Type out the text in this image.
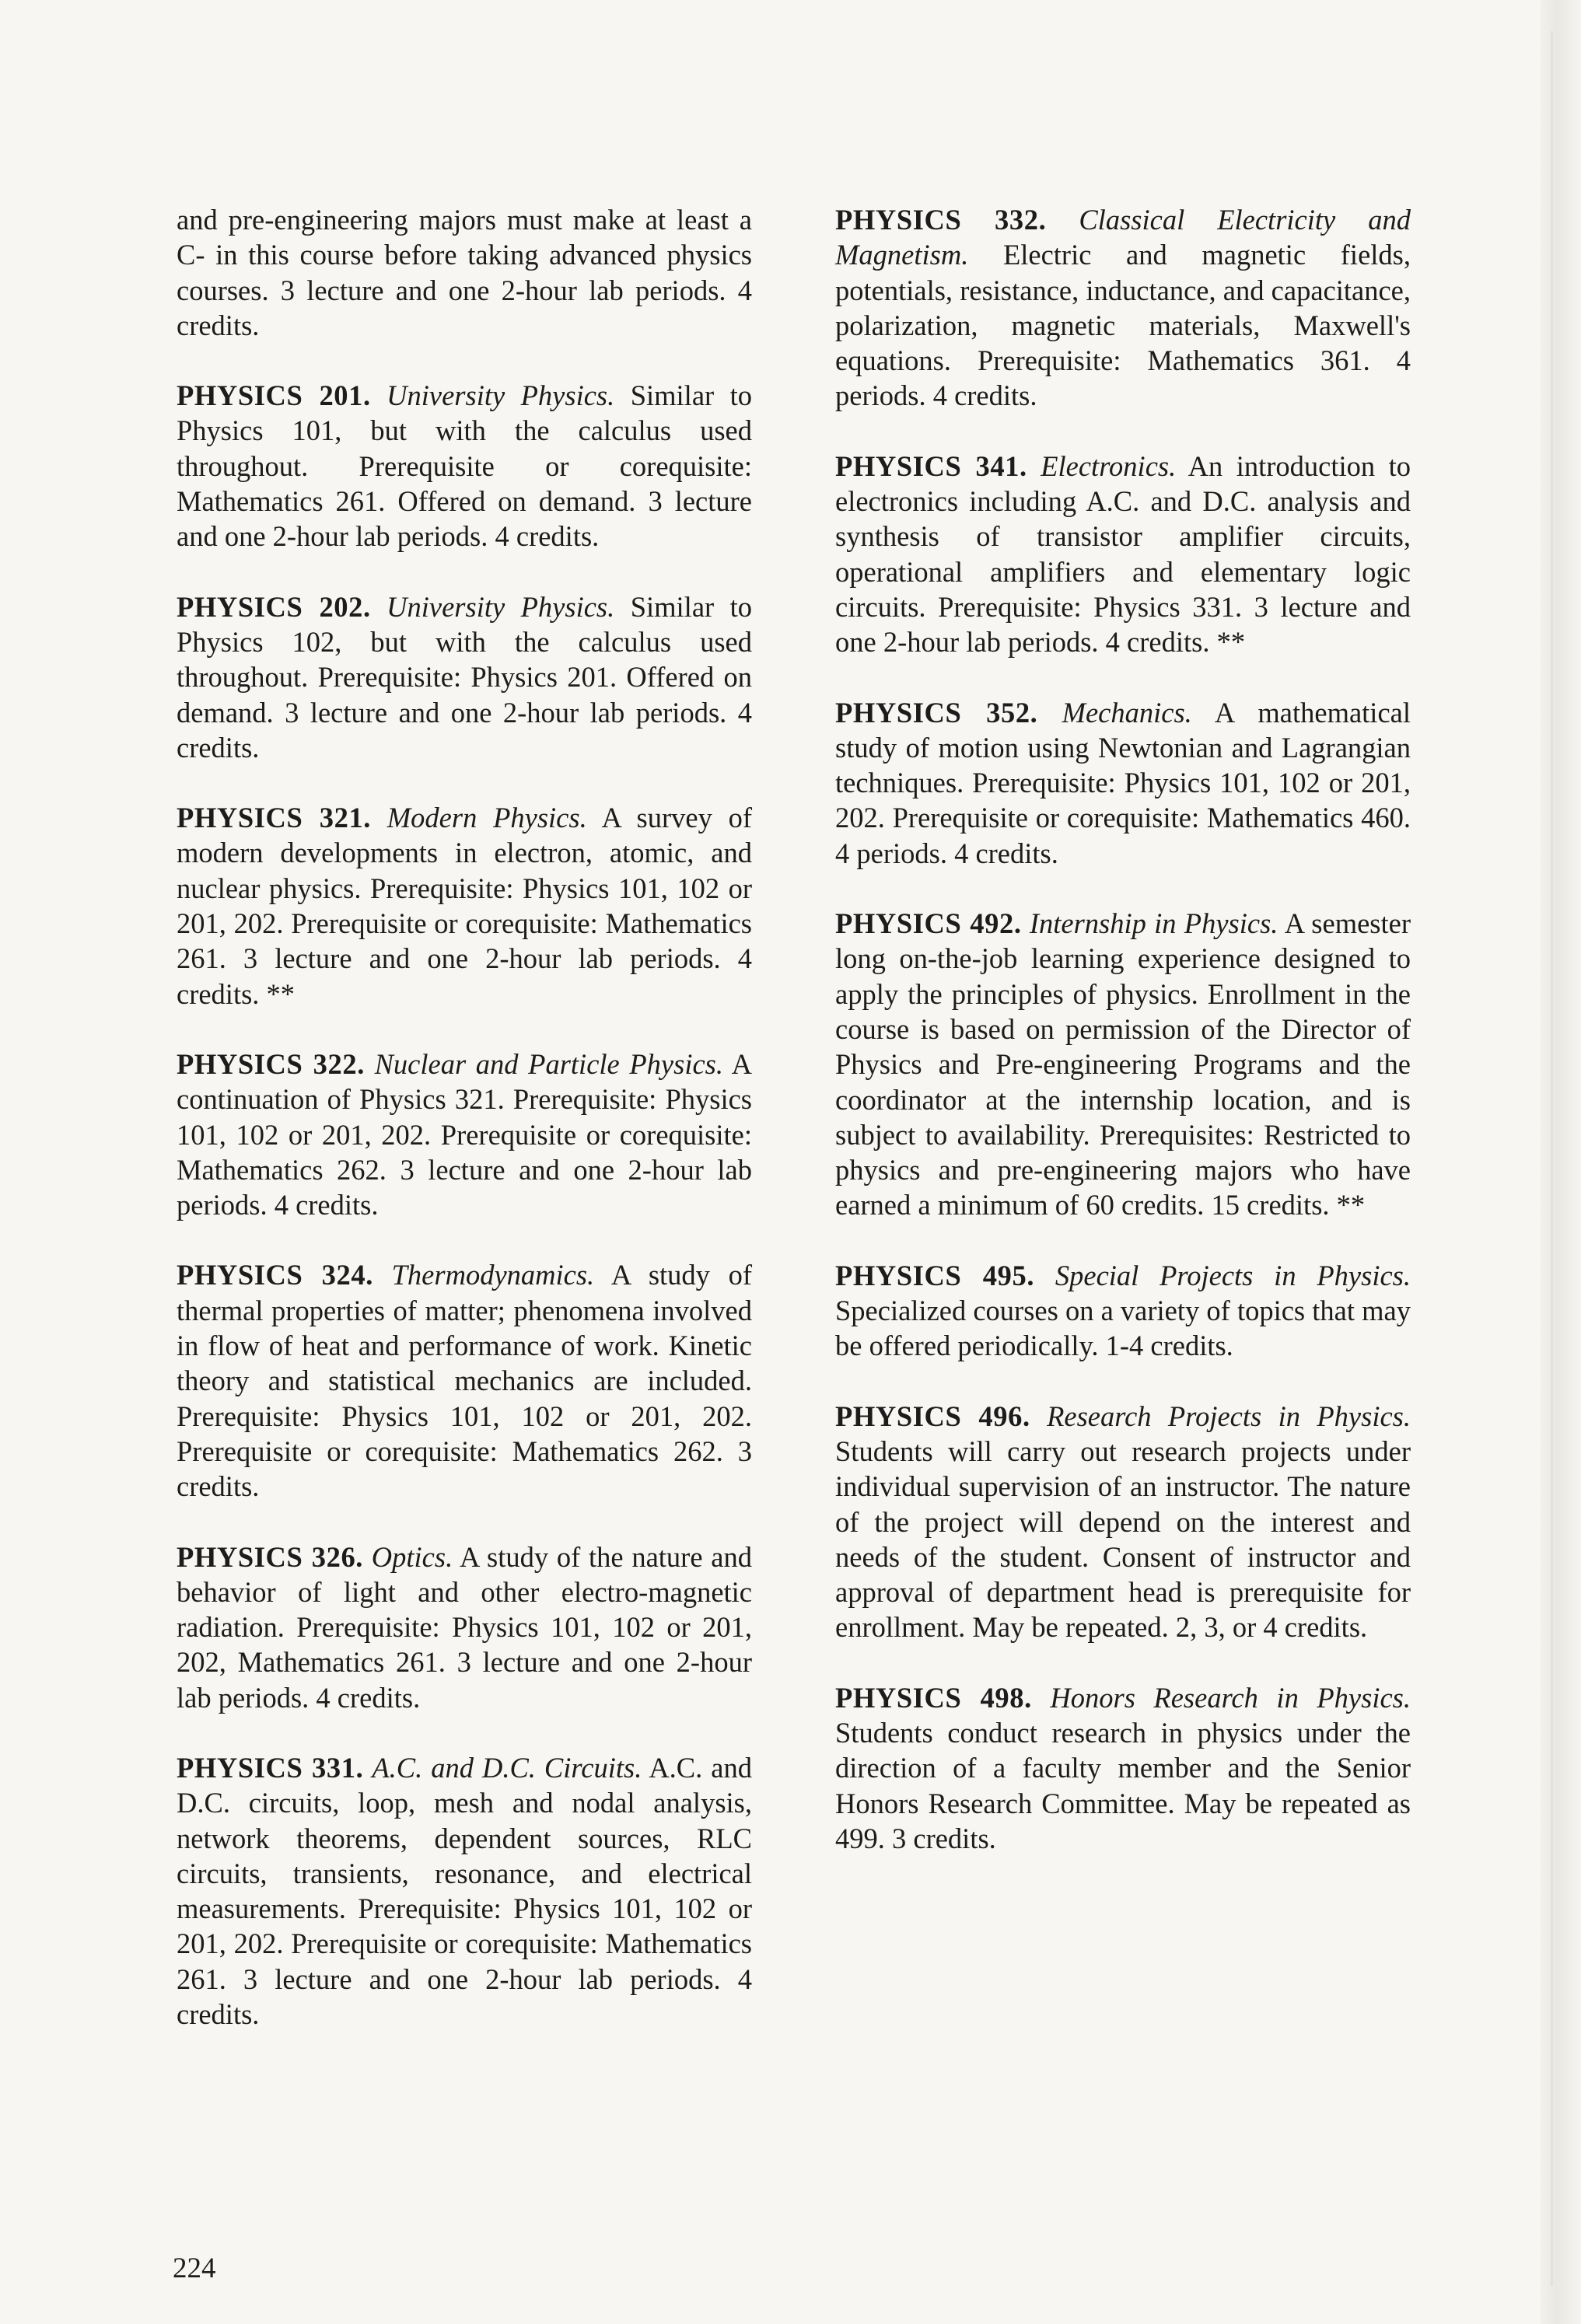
and pre-engineering majors must make at least a C- in this course before taking advanced physics courses. 3 lecture and one 2-hour lab periods. 4 credits.

PHYSICS 201. University Physics. Similar to Physics 101, but with the calculus used throughout. Prerequisite or corequisite: Mathematics 261. Offered on demand. 3 lecture and one 2-hour lab periods. 4 credits.

PHYSICS 202. University Physics. Similar to Physics 102, but with the calculus used throughout. Prerequisite: Physics 201. Offered on demand. 3 lecture and one 2-hour lab periods. 4 credits.

PHYSICS 321. Modern Physics. A survey of modern developments in electron, atomic, and nuclear physics. Prerequisite: Physics 101, 102 or 201, 202. Prerequisite or corequisite: Mathematics 261. 3 lecture and one 2-hour lab periods. 4 credits. **

PHYSICS 322. Nuclear and Particle Physics. A continuation of Physics 321. Prerequisite: Physics 101, 102 or 201, 202. Prerequisite or corequisite: Mathematics 262. 3 lecture and one 2-hour lab periods. 4 credits.

PHYSICS 324. Thermodynamics. A study of thermal properties of matter; phenomena involved in flow of heat and performance of work. Kinetic theory and statistical mechanics are included. Prerequisite: Physics 101, 102 or 201, 202. Prerequisite or corequisite: Mathematics 262. 3 credits.

PHYSICS 326. Optics. A study of the nature and behavior of light and other electro-magnetic radiation. Prerequisite: Physics 101, 102 or 201, 202, Mathematics 261. 3 lecture and one 2-hour lab periods. 4 credits.

PHYSICS 331. A.C. and D.C. Circuits. A.C. and D.C. circuits, loop, mesh and nodal analysis, network theorems, dependent sources, RLC circuits, transients, resonance, and electrical measurements. Prerequisite: Physics 101, 102 or 201, 202. Prerequisite or corequisite: Mathematics 261. 3 lecture and one 2-hour lab periods. 4 credits.

PHYSICS 332. Classical Electricity and Magnetism. Electric and magnetic fields, potentials, resistance, inductance, and capacitance, polarization, magnetic materials, Maxwell's equations. Prerequisite: Mathematics 361. 4 periods. 4 credits.

PHYSICS 341. Electronics. An introduction to electronics including A.C. and D.C. analysis and synthesis of transistor amplifier circuits, operational amplifiers and elementary logic circuits. Prerequisite: Physics 331. 3 lecture and one 2-hour lab periods. 4 credits. **

PHYSICS 352. Mechanics. A mathematical study of motion using Newtonian and Lagrangian techniques. Prerequisite: Physics 101, 102 or 201, 202. Prerequisite or corequisite: Mathematics 460. 4 periods. 4 credits.

PHYSICS 492. Internship in Physics. A semester long on-the-job learning experience designed to apply the principles of physics. Enrollment in the course is based on permission of the Director of Physics and Pre-engineering Programs and the coordinator at the internship location, and is subject to availability. Prerequisites: Restricted to physics and pre-engineering majors who have earned a minimum of 60 credits. 15 credits. **

PHYSICS 495. Special Projects in Physics. Specialized courses on a variety of topics that may be offered periodically. 1-4 credits.

PHYSICS 496. Research Projects in Physics. Students will carry out research projects under individual supervision of an instructor. The nature of the project will depend on the interest and needs of the student. Consent of instructor and approval of department head is prerequisite for enrollment. May be repeated. 2, 3, or 4 credits.

PHYSICS 498. Honors Research in Physics. Students conduct research in physics under the direction of a faculty member and the Senior Honors Research Committee. May be repeated as 499. 3 credits.

224
